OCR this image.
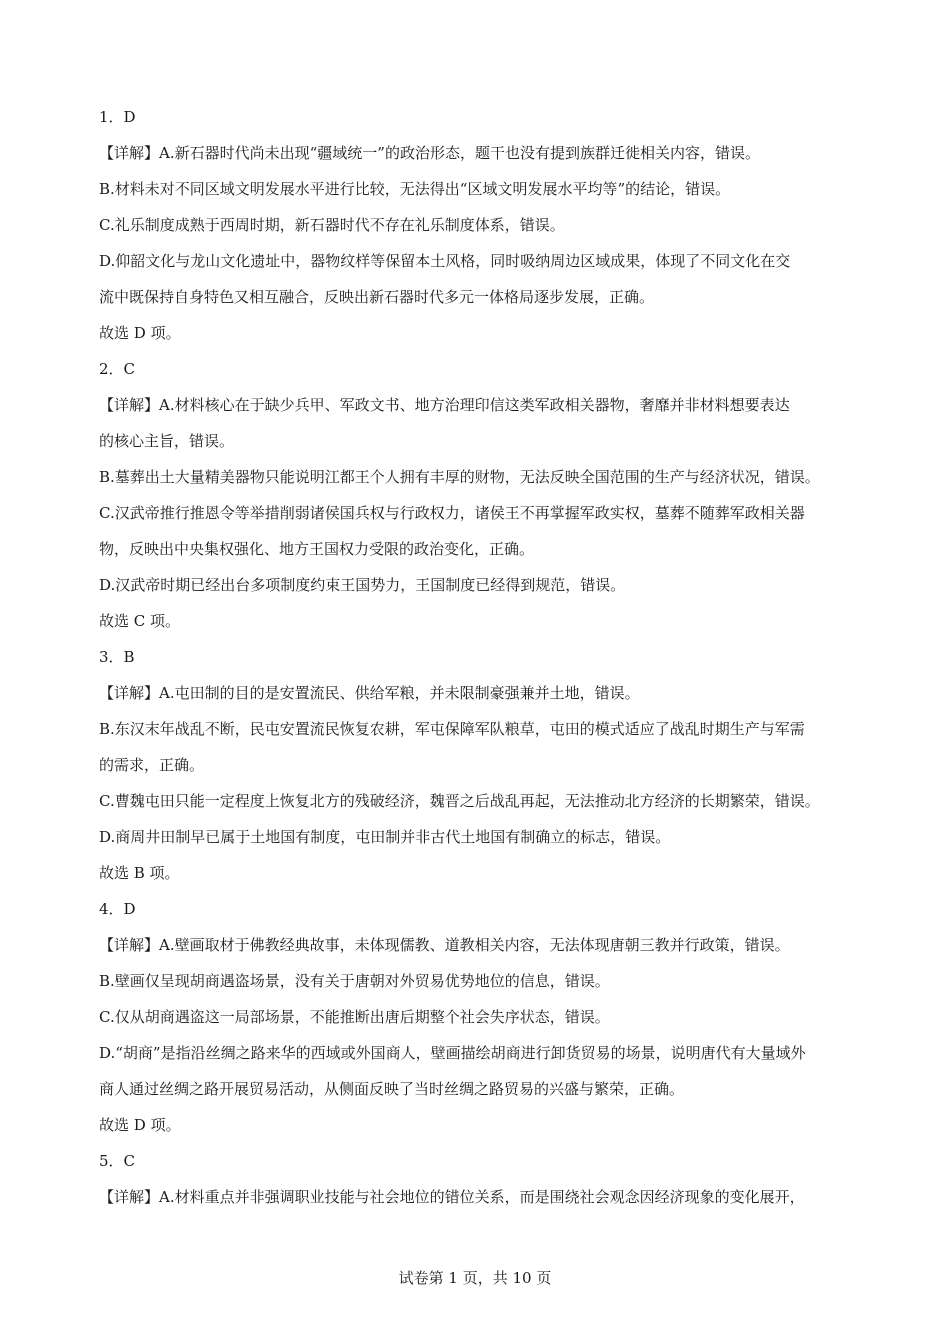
1．D
【详解】A.新石器时代尚未出现“疆域统一”的政治形态，题干也没有提到族群迁徙相关内容，错误。
B.材料未对不同区域文明发展水平进行比较，无法得出“区域文明发展水平均等”的结论，错误。
C.礼乐制度成熟于西周时期，新石器时代不存在礼乐制度体系，错误。
D.仰韶文化与龙山文化遗址中，器物纹样等保留本土风格，同时吸纳周边区域成果，体现了不同文化在交
流中既保持自身特色又相互融合，反映出新石器时代多元一体格局逐步发展，正确。
故选 D 项。
2．C
【详解】A.材料核心在于缺少兵甲、军政文书、地方治理印信这类军政相关器物，奢靡并非材料想要表达
的核心主旨，错误。
B.墓葬出土大量精美器物只能说明江都王个人拥有丰厚的财物，无法反映全国范围的生产与经济状况，错误。
C.汉武帝推行推恩令等举措削弱诸侯国兵权与行政权力，诸侯王不再掌握军政实权，墓葬不随葬军政相关器
物，反映出中央集权强化、地方王国权力受限的政治变化，正确。
D.汉武帝时期已经出台多项制度约束王国势力，王国制度已经得到规范，错误。
故选 C 项。
3．B
【详解】A.屯田制的目的是安置流民、供给军粮，并未限制豪强兼并土地，错误。
B.东汉末年战乱不断，民屯安置流民恢复农耕，军屯保障军队粮草，屯田的模式适应了战乱时期生产与军需
的需求，正确。
C.曹魏屯田只能一定程度上恢复北方的残破经济，魏晋之后战乱再起，无法推动北方经济的长期繁荣，错误。
D.商周井田制早已属于土地国有制度，屯田制并非古代土地国有制确立的标志，错误。
故选 B 项。
4．D
【详解】A.壁画取材于佛教经典故事，未体现儒教、道教相关内容，无法体现唐朝三教并行政策，错误。
B.壁画仅呈现胡商遇盗场景，没有关于唐朝对外贸易优势地位的信息，错误。
C.仅从胡商遇盗这一局部场景，不能推断出唐后期整个社会失序状态，错误。
D.“胡商”是指沿丝绸之路来华的西域或外国商人，壁画描绘胡商进行卸货贸易的场景，说明唐代有大量域外
商人通过丝绸之路开展贸易活动，从侧面反映了当时丝绸之路贸易的兴盛与繁荣，正确。
故选 D 项。
5．C
【详解】A.材料重点并非强调职业技能与社会地位的错位关系，而是围绕社会观念因经济现象的变化展开，
试卷第 1 页，共 10 页
